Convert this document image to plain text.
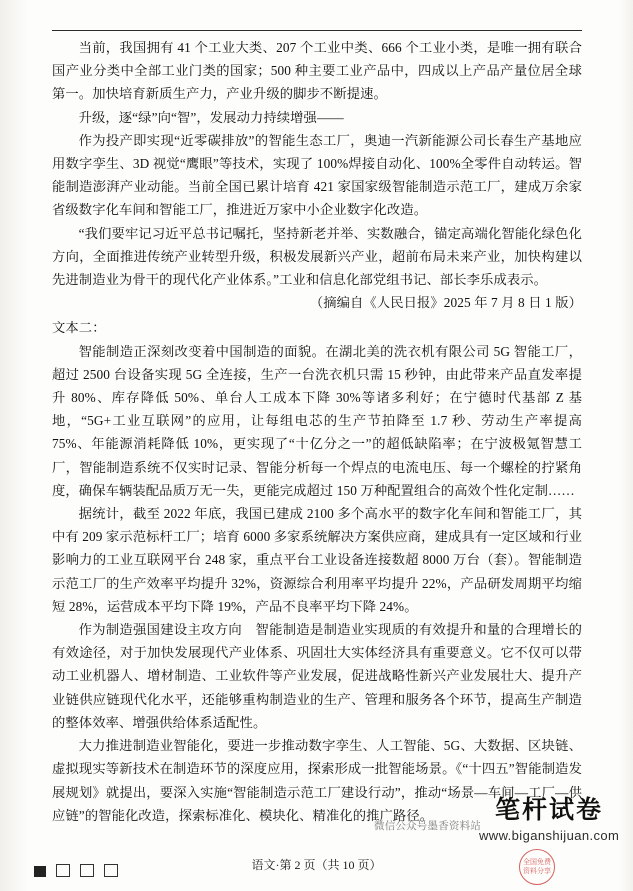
当前，我国拥有 41 个工业大类、207 个工业中类、666 个工业小类，是唯一拥有联合国产业分类中全部工业门类的国家；500 种主要工业产品中，四成以上产品产量位居全球第一。加快培育新质生产力，产业升级的脚步不断提速。

升级，逐“绿”向“智”，发展动力持续增强——

作为投产即实现“近零碳排放”的智能生态工厂，奥迪一汽新能源公司长春生产基地应用数字孪生、3D 视觉“鹰眼”等技术，实现了 100%焊接自动化、100%全零件自动转运。智能制造澎湃产业动能。当前全国已累计培育 421 家国家级智能制造示范工厂，建成万余家省级数字化车间和智能工厂，推进近万家中小企业数字化改造。

“我们要牢记习近平总书记嘱托，坚持新老并举、实数融合，锚定高端化智能化绿色化方向，全面推进传统产业转型升级，积极发展新兴产业，超前布局未来产业，加快构建以先进制造业为骨干的现代化产业体系。”工业和信息化部党组书记、部长李乐成表示。

（摘编自《人民日报》2025 年 7 月 8 日 1 版）

文本二：

智能制造正深刻改变着中国制造的面貌。在湖北美的洗衣机有限公司 5G 智能工厂，超过 2500 台设备实现 5G 全连接，生产一台洗衣机只需 15 秒钟，由此带来产品直发率提升 80%、库存降低 50%、单台人工成本下降 30%等诸多利好；在宁德时代基部 Z 基地，“5G+工业互联网”的应用，让每组电芯的生产节拍降至 1.7 秒、劳动生产率提高 75%、年能源消耗降低 10%，更实现了“十亿分之一”的超低缺陷率；在宁波极氪智慧工厂，智能制造系统不仅实时记录、智能分析每一个焊点的电流电压、每一个螺栓的拧紧角度，确保车辆装配品质万无一失，更能完成超过 150 万种配置组合的高效个性化定制……

据统计，截至 2022 年底，我国已建成 2100 多个高水平的数字化车间和智能工厂，其中有 209 家示范标杆工厂；培育 6000 多家系统解决方案供应商，建成具有一定区域和行业影响力的工业互联网平台 248 家，重点平台工业设备连接数超 8000 万台（套）。智能制造示范工厂的生产效率平均提升 32%，资源综合利用率平均提升 22%，产品研发周期平均缩短 28%，运营成本平均下降 19%，产品不良率平均下降 24%。

作为制造强国建设主攻方向　智能制造是制造业实现质的有效提升和量的合理增长的有效途径，对于加快发展现代产业体系、巩固壮大实体经济具有重要意义。它不仅可以带动工业机器人、增材制造、工业软件等产业发展，促进战略性新兴产业发展壮大、提升产业链供应链现代化水平，还能够重构制造业的生产、管理和服务各个环节，提高生产制造的整体效率、增强供给体系适配性。

大力推进制造业智能化，要进一步推动数字孪生、人工智能、5G、大数据、区块链、虚拟现实等新技术在制造环节的深度应用，探索形成一批智能场景。《“十四五”智能制造发展规划》就提出，要深入实施“智能制造示范工厂建设行动”，推动“场景—车间—工厂—供应链”的智能化改造，探索标准化、模块化、精准化的推广路径。

微信公众号墨香资料站
语文·第 2 页（共 10 页）
笔杆试卷
www.biganshijuan.com
全国免费 资料分享
